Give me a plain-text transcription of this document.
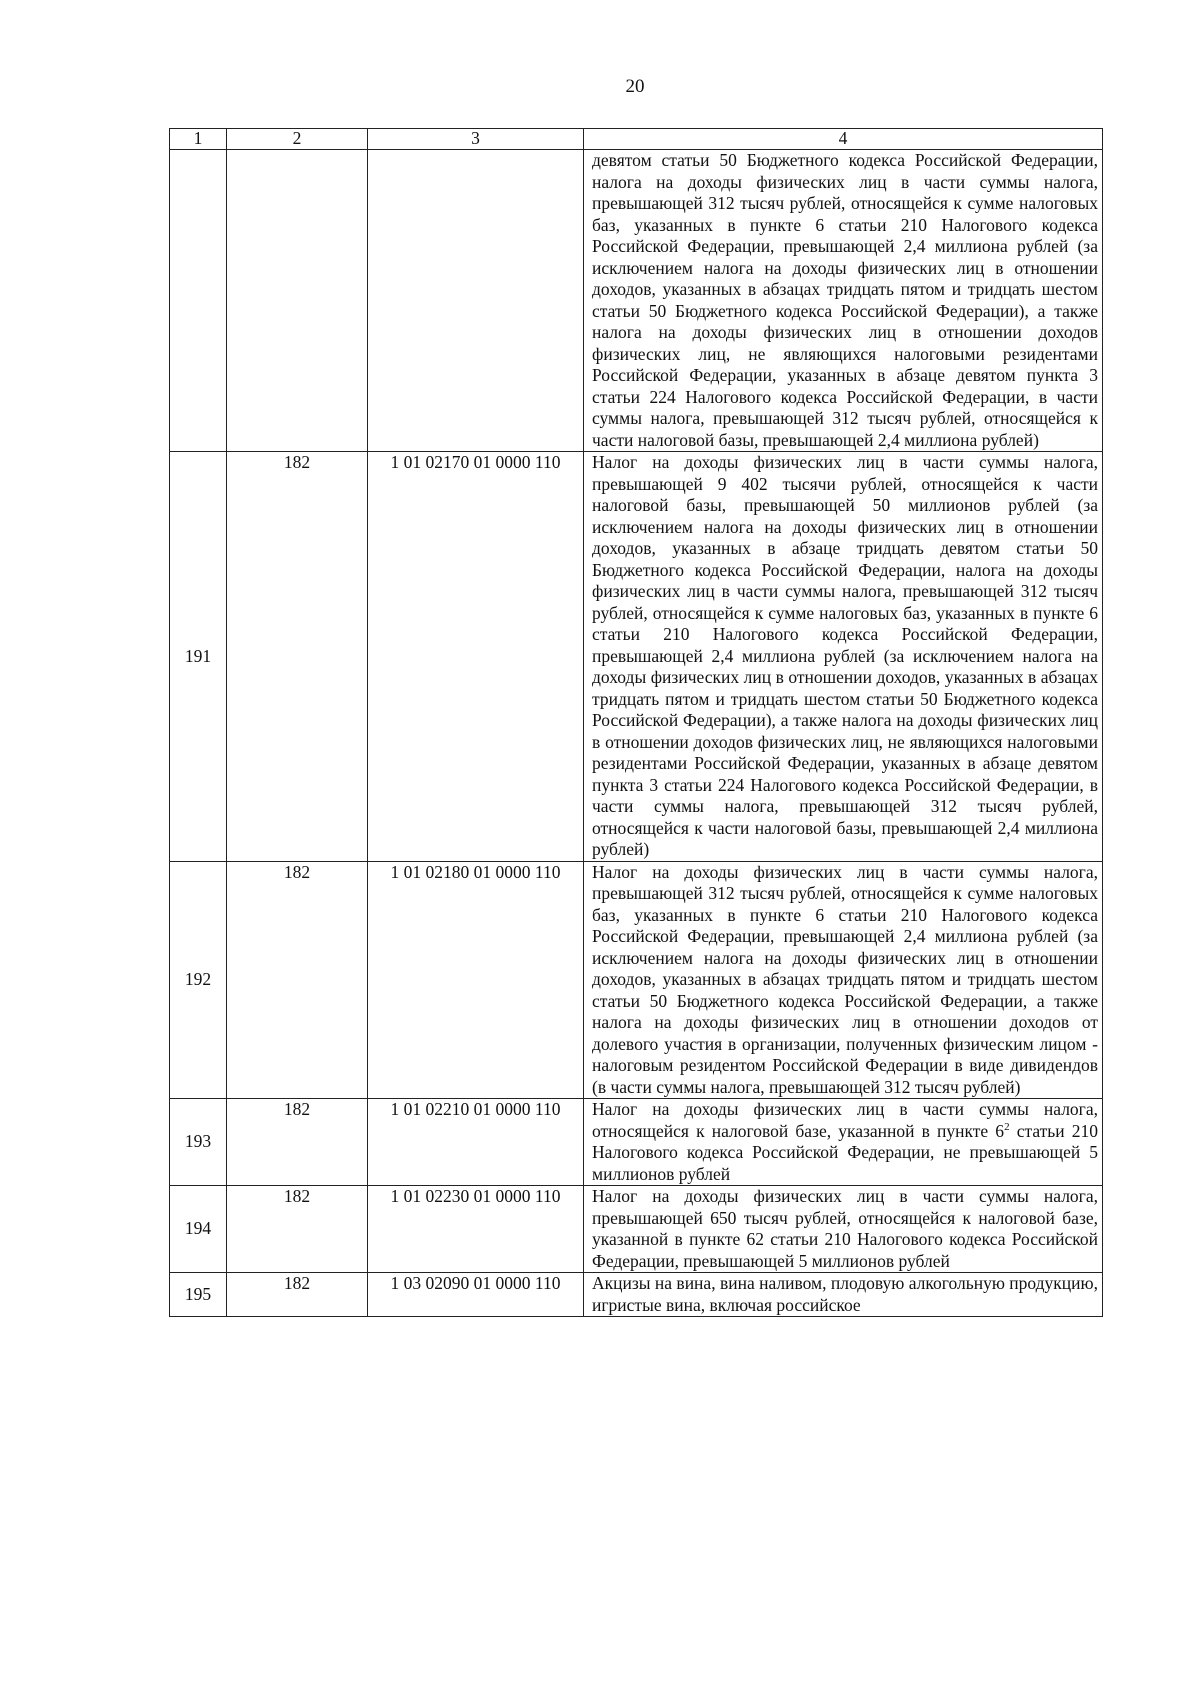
20
1	2	3	4
			девятом статьи 50 Бюджетного кодекса Российской Федерации, налога на доходы физических лиц в части суммы налога, превышающей 312 тысяч рублей, относящейся к сумме налоговых баз, указанных в пункте 6 статьи 210 Налогового кодекса Российской Федерации, превышающей 2,4 миллиона рублей (за исключением налога на доходы физических лиц в отношении доходов, указанных в абзацах тридцать пятом и тридцать шестом статьи 50 Бюджетного кодекса Российской Федерации), а также налога на доходы физических лиц в отношении доходов физических лиц, не являющихся налоговыми резидентами Российской Федерации, указанных в абзаце девятом пункта 3 статьи 224 Налогового кодекса Российской Федерации, в части суммы налога, превышающей 312 тысяч рублей, относящейся к части налоговой базы, превышающей 2,4 миллиона рублей)
191	182	1 01 02170 01 0000 110	Налог на доходы физических лиц в части суммы налога, превышающей 9 402 тысячи рублей, относящейся к части налоговой базы, превышающей 50 миллионов рублей (за исключением налога на доходы физических лиц в отношении доходов, указанных в абзаце тридцать девятом статьи 50 Бюджетного кодекса Российской Федерации, налога на доходы физических лиц в части суммы налога, превышающей 312 тысяч рублей, относящейся к сумме налоговых баз, указанных в пункте 6 статьи 210 Налогового кодекса Российской Федерации, превышающей 2,4 миллиона рублей (за исключением налога на доходы физических лиц в отношении доходов, указанных в абзацах тридцать пятом и тридцать шестом статьи 50 Бюджетного кодекса Российской Федерации), а также налога на доходы физических лиц в отношении доходов физических лиц, не являющихся налоговыми резидентами Российской Федерации, указанных в абзаце девятом пункта 3 статьи 224 Налогового кодекса Российской Федерации, в части суммы налога, превышающей 312 тысяч рублей, относящейся к части налоговой базы, превышающей 2,4 миллиона рублей)
192	182	1 01 02180 01 0000 110	Налог на доходы физических лиц в части суммы налога, превышающей 312 тысяч рублей, относящейся к сумме налоговых баз, указанных в пункте 6 статьи 210 Налогового кодекса Российской Федерации, превышающей 2,4 миллиона рублей (за исключением налога на доходы физических лиц в отношении доходов, указанных в абзацах тридцать пятом и тридцать шестом статьи 50 Бюджетного кодекса Российской Федерации, а также налога на доходы физических лиц в отношении доходов от долевого участия в организации, полученных физическим лицом - налоговым резидентом Российской Федерации в виде дивидендов (в части суммы налога, превышающей 312 тысяч рублей)
193	182	1 01 02210 01 0000 110	Налог на доходы физических лиц в части суммы налога, относящейся к налоговой базе, указанной в пункте $6^2$ статьи 210 Налогового кодекса Российской Федерации, не превышающей 5 миллионов рублей
194	182	1 01 02230 01 0000 110	Налог на доходы физических лиц в части суммы налога, превышающей 650 тысяч рублей, относящейся к налоговой базе, указанной в пункте 62 статьи 210 Налогового кодекса Российской Федерации, превышающей 5 миллионов рублей
195	182	1 03 02090 01 0000 110	Акцизы на вина, вина наливом, плодовую алкогольную продукцию, игристые вина, включая российское
